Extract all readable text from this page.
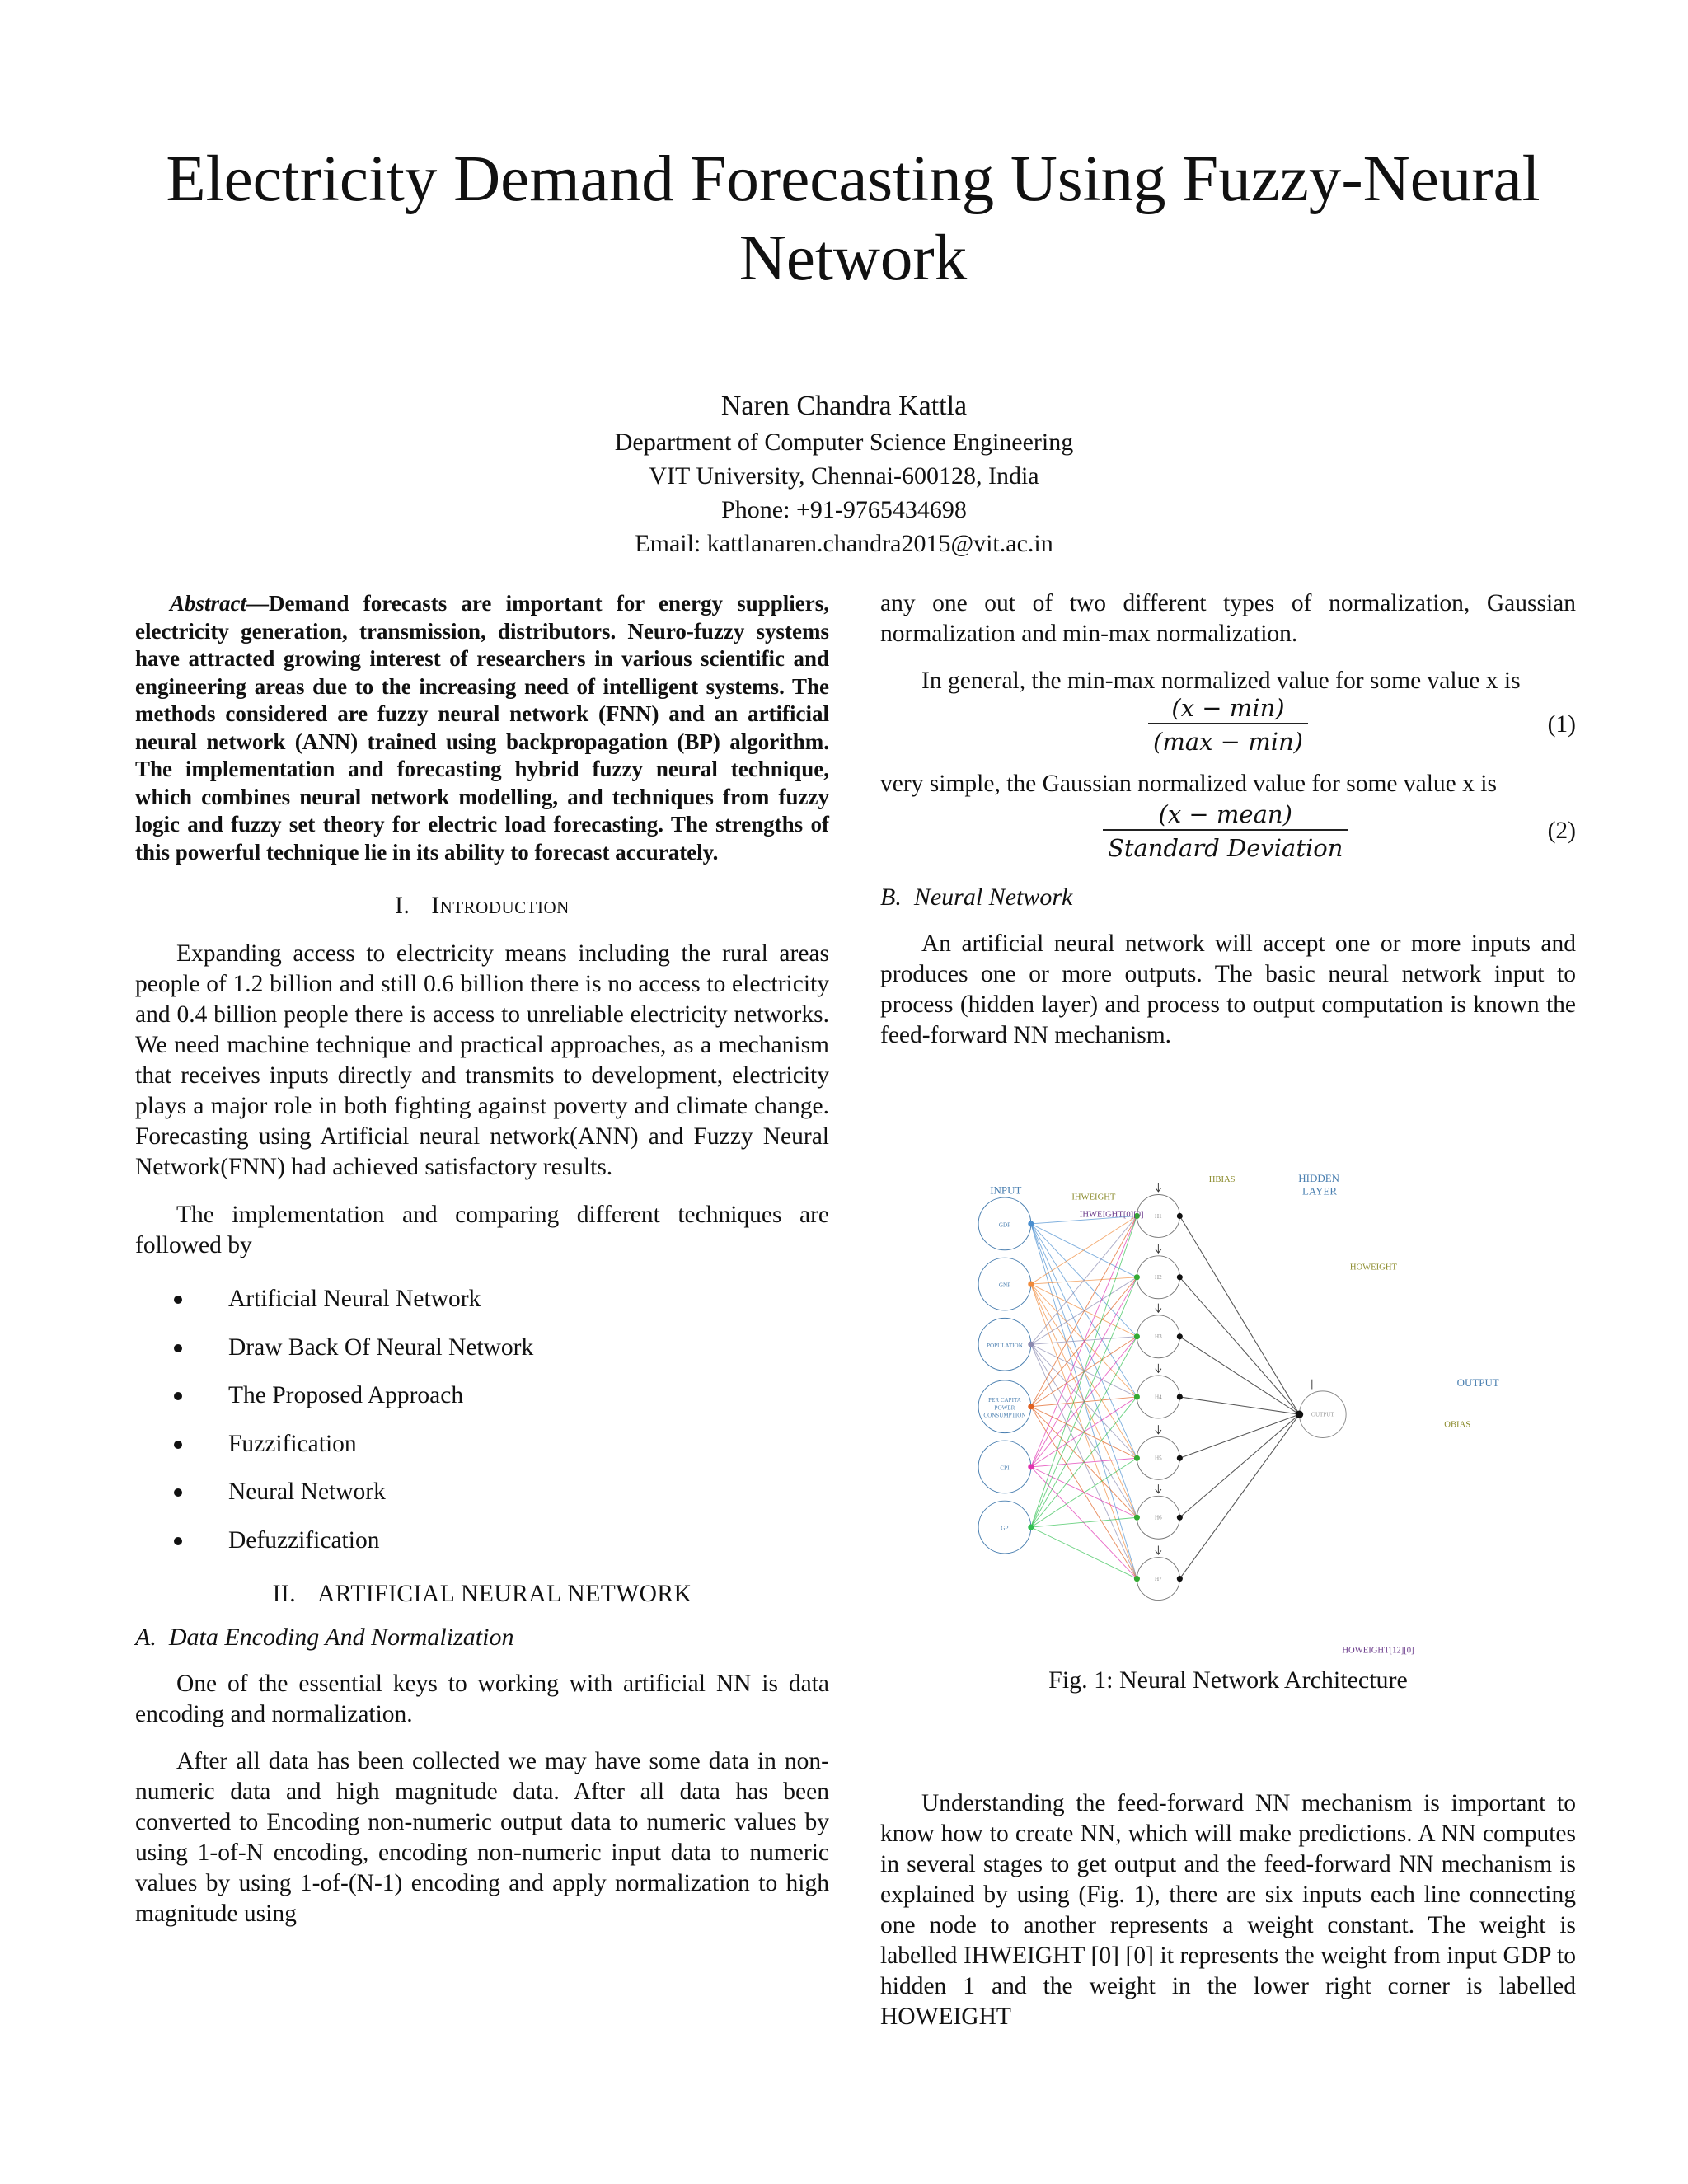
Electricity Demand Forecasting Using Fuzzy-Neural Network
Naren Chandra Kattla
Department of Computer Science Engineering
VIT University, Chennai-600128, India
Phone: +91-9765434698
Email: kattlanaren.chandra2015@vit.ac.in

Abstract—Demand forecasts are important for energy suppliers, electricity generation, transmission, distributors. Neuro-fuzzy systems have attracted growing interest of researchers in various scientific and engineering areas due to the increasing need of intelligent systems. The methods considered are fuzzy neural network (FNN) and an artificial neural network (ANN) trained using backpropagation (BP) algorithm. The implementation and forecasting hybrid fuzzy neural technique, which combines neural network modelling, and techniques from fuzzy logic and fuzzy set theory for electric load forecasting. The strengths of this powerful technique lie in its ability to forecast accurately.

I. Introduction

Expanding access to electricity means including the rural areas people of 1.2 billion and still 0.6 billion there is no access to electricity and 0.4 billion people there is access to unreliable electricity networks. We need machine technique and practical approaches, as a mechanism that receives inputs directly and transmits to development, electricity plays a major role in both fighting against poverty and climate change. Forecasting using Artificial neural network(ANN) and Fuzzy Neural Network(FNN) had achieved satisfactory results.

The implementation and comparing different techniques are followed by

Artificial Neural Network
Draw Back Of Neural Network
The Proposed Approach
Fuzzification
Neural Network
Defuzzification
II. ARTIFICIAL NEURAL NETWORK
A. Data Encoding And Normalization

One of the essential keys to working with artificial NN is data encoding and normalization.

After all data has been collected we may have some data in non-numeric data and high magnitude data. After all data has been converted to Encoding non-numeric output data to numeric values by using 1-of-N encoding, encoding non-numeric input data to numeric values by using 1-of-(N-1) encoding and apply normalization to high magnitude using

any one out of two different types of normalization, Gaussian normalization and min-max normalization.

In general, the min-max normalized value for some value x is

(x − min)
(max − min)
(1)

very simple, the Gaussian normalized value for some value x is

(x − mean)
Standard Deviation
(2)
B. Neural Network

An artificial neural network will accept one or more inputs and produces one or more outputs. The basic neural network input to process (hidden layer) and process to output computation is known the feed-forward NN mechanism.

GDP
GNP
POPULATION
PER CAPITA
POWER
CONSUMPTION
CPI
GP
H1
H2
H3
H4
H5
H6
H7
OUTPUT
INPUT
IHWEIGHT
IHWEIGHT[0][0]
HBIAS	HIDDEN
LAYER
HOWEIGHT
OUTPUT
OBIAS
HOWEIGHT[12][0]
Fig. 1: Neural Network Architecture

Understanding the feed-forward NN mechanism is important to know how to create NN, which will make predictions. A NN computes in several stages to get output and the feed-forward NN mechanism is explained by using (Fig. 1), there are six inputs each line connecting one node to another represents a weight constant. The weight is labelled IHWEIGHT [0] [0] it represents the weight from input GDP to hidden 1 and the weight in the lower right corner is labelled HOWEIGHT
